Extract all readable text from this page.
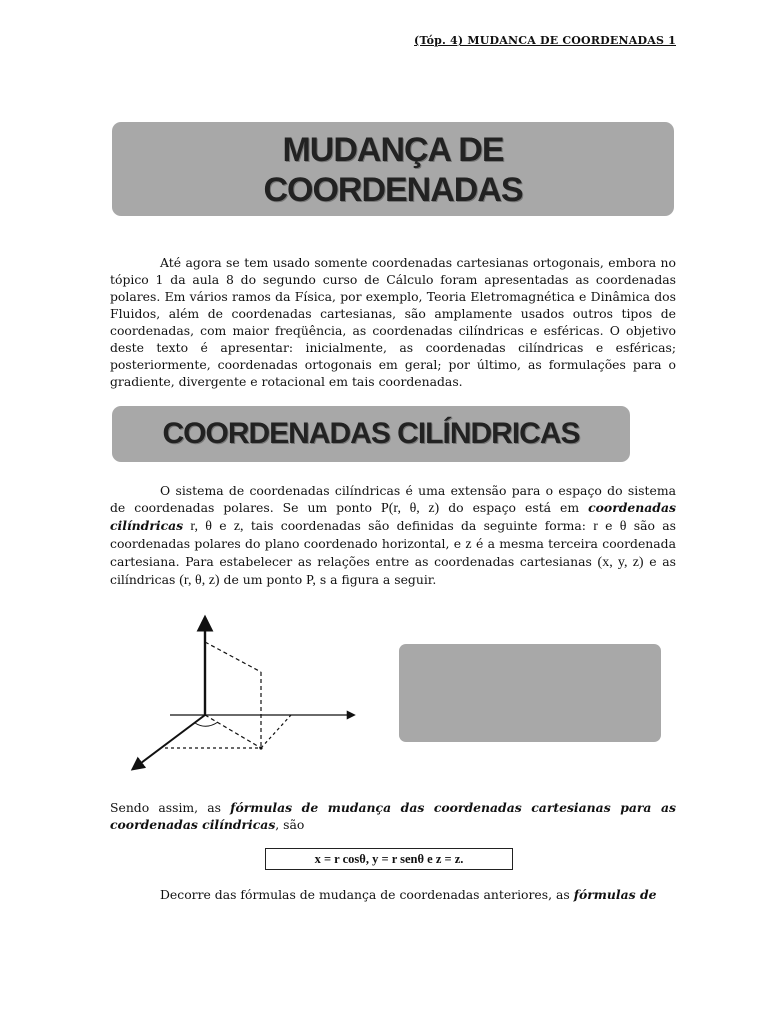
(Tóp. 4) MUDANCA DE COORDENADAS 1
MUDANÇA DE
COORDENADAS
Até agora se tem usado somente coordenadas cartesianas ortogonais, embora no tópico 1 da aula 8 do segundo curso de Cálculo foram apresentadas as coordenadas polares. Em vários ramos da Física, por exemplo, Teoria Eletromagnética e Dinâmica dos Fluidos, além de coordenadas cartesianas, são amplamente usados outros tipos de coordenadas, com maior freqüência, as coordenadas cilíndricas e esféricas. O objetivo deste texto é apresentar: inicialmente, as coordenadas cilíndricas e esféricas; posteriormente, coordenadas ortogonais em geral; por último, as formulações para o gradiente, divergente e rotacional em tais coordenadas.
COORDENADAS CILÍNDRICAS
O sistema de coordenadas cilíndricas é uma extensão para o espaço do sistema de coordenadas polares. Se um ponto P(r, θ, z) do espaço está em coordenadas cilíndricas r, θ e z, tais coordenadas são definidas da seguinte forma: r e θ são as coordenadas polares do plano coordenado horizontal, e z é a mesma terceira coordenada cartesiana. Para estabelecer as relações entre as coordenadas cartesianas (x, y, z) e as cilíndricas (r, θ, z) de um ponto P, s a figura a seguir.
Sendo assim, as fórmulas de mudança das coordenadas cartesianas para as coordenadas cilíndricas, são
x = r cosθ, y = r senθ e z = z.
Decorre das fórmulas de mudança de coordenadas anteriores, as fórmulas de
